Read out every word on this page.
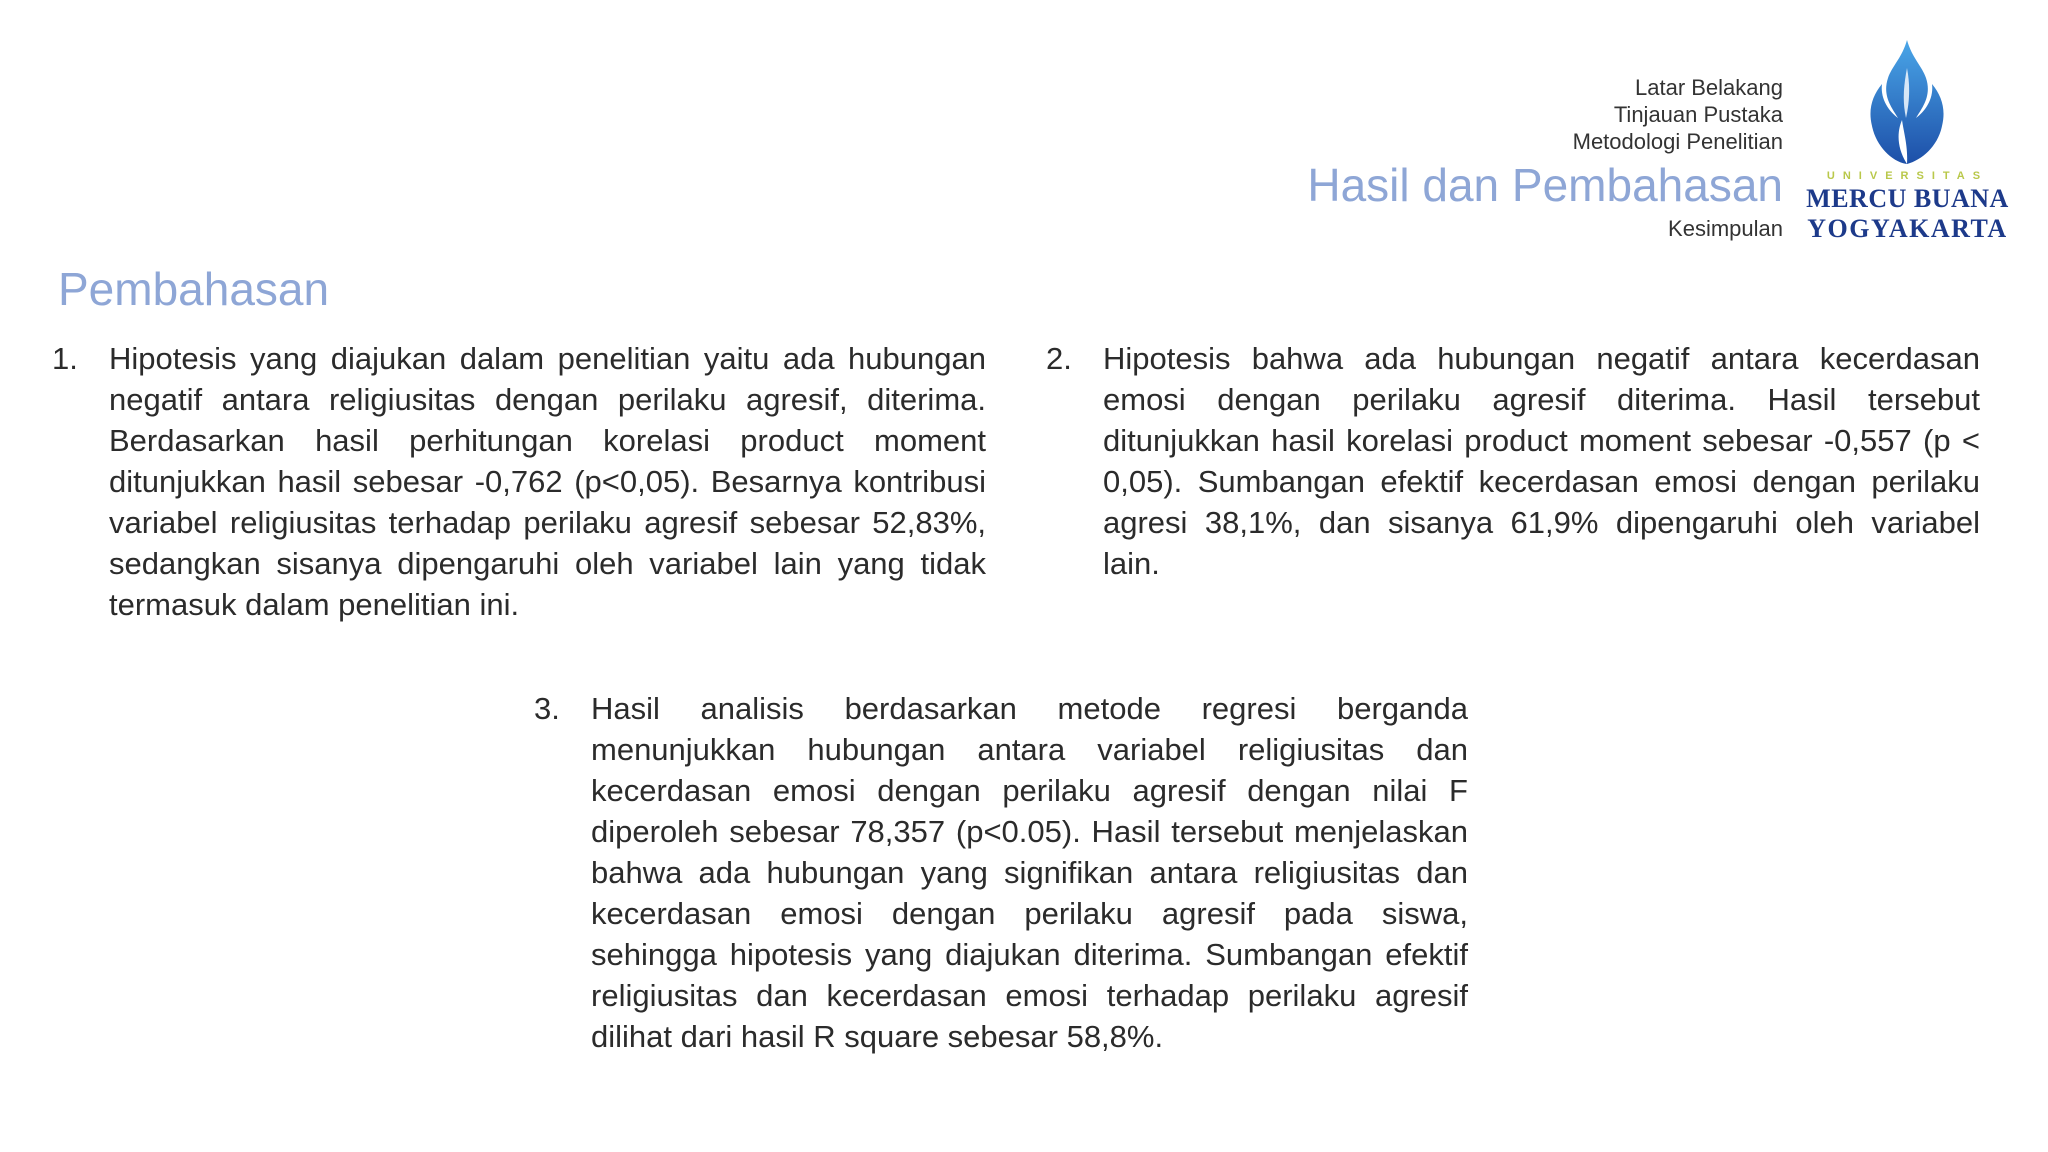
Latar Belakang
Tinjauan Pustaka
Metodologi Penelitian
Hasil dan Pembahasan
Kesimpulan
UNIVERSITAS
MERCU BUANA
YOGYAKARTA
Pembahasan
1. Hipotesis yang diajukan dalam penelitian yaitu ada hubungan negatif antara religiusitas dengan perilaku agresif, diterima. Berdasarkan hasil perhitungan korelasi product moment ditunjukkan hasil sebesar -0,762 (p<0,05). Besarnya kontribusi variabel religiusitas terhadap perilaku agresif sebesar 52,83%, sedangkan sisanya dipengaruhi oleh variabel lain yang tidak termasuk dalam penelitian ini.
2. Hipotesis bahwa ada hubungan negatif antara kecerdasan emosi dengan perilaku agresif diterima. Hasil tersebut ditunjukkan hasil korelasi product moment sebesar -0,557 (p < 0,05). Sumbangan efektif kecerdasan emosi dengan perilaku agresi 38,1%, dan sisanya 61,9% dipengaruhi oleh variabel lain.
3. Hasil analisis berdasarkan metode regresi berganda menunjukkan hubungan antara variabel religiusitas dan kecerdasan emosi dengan perilaku agresif dengan nilai F diperoleh sebesar 78,357 (p<0.05). Hasil tersebut menjelaskan bahwa ada hubungan yang signifikan antara religiusitas dan kecerdasan emosi dengan perilaku agresif pada siswa, sehingga hipotesis yang diajukan diterima. Sumbangan efektif religiusitas dan kecerdasan emosi terhadap perilaku agresif dilihat dari hasil R square sebesar 58,8%.
